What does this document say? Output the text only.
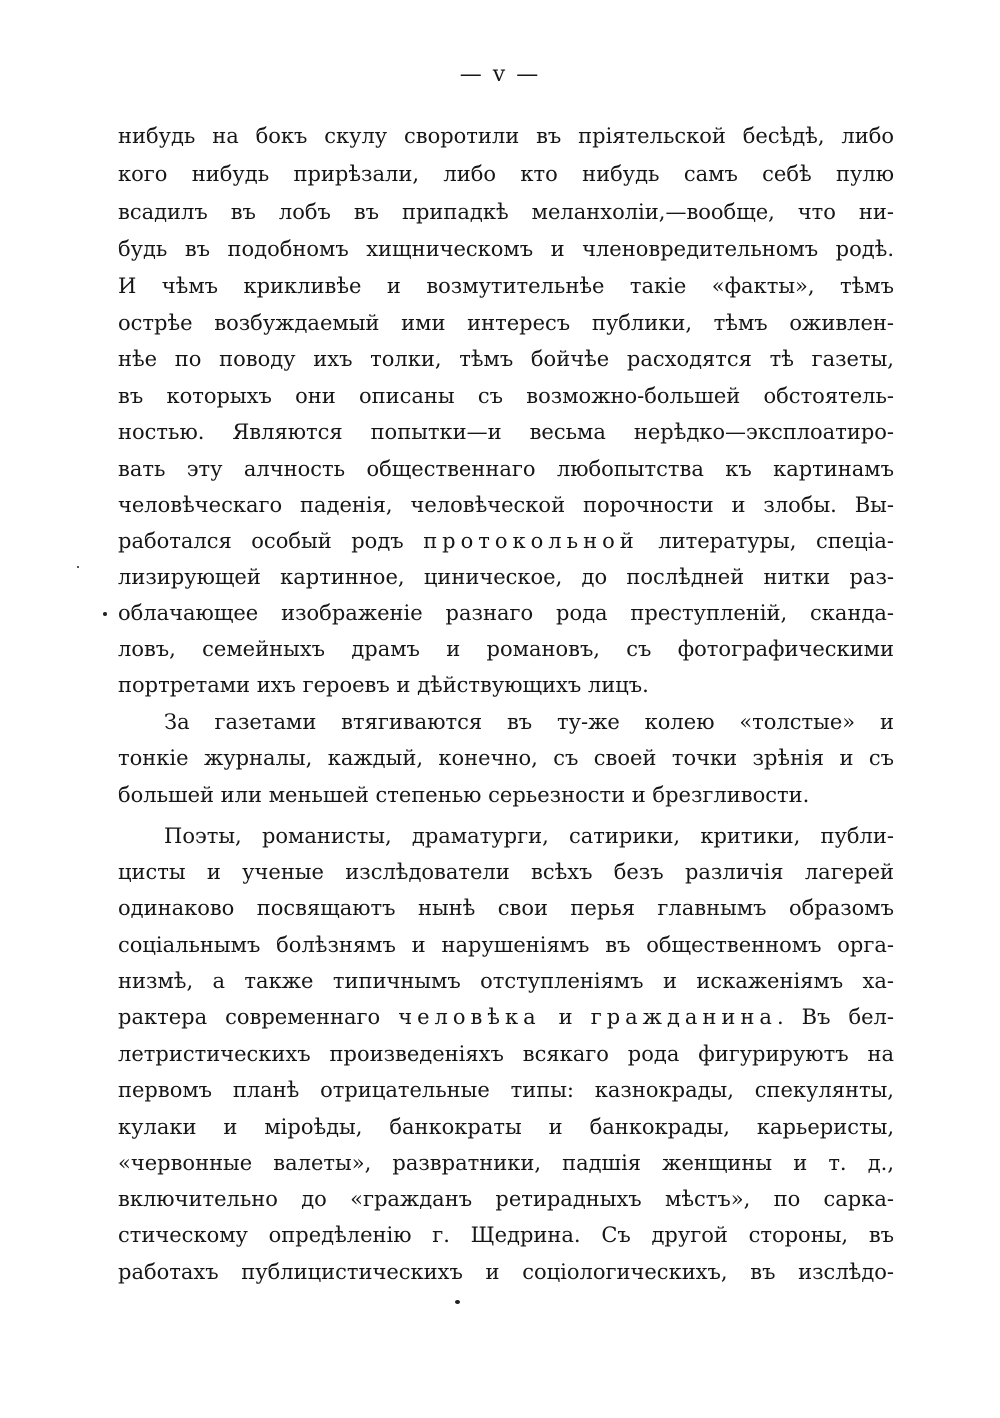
— v —
нибудь на бокъ скулу своротили въ пріятельской бесѣдѣ, либо
кого нибудь прирѣзали, либо кто нибудь самъ себѣ пулю
всадилъ въ лобъ въ припадкѣ меланхоліи,—вообще, что ни-
будь въ подобномъ хищническомъ и членовредительномъ родѣ.
И чѣмъ крикливѣе и возмутительнѣе такіе «факты», тѣмъ
острѣе возбуждаемый ими интересъ публики, тѣмъ оживлен-
нѣе по поводу ихъ толки, тѣмъ бойчѣе расходятся тѣ газеты,
въ которыхъ они описаны съ возможно-большей обстоятель-
ностью. Являются попытки—и весьма нерѣдко—эксплоатиро-
вать эту алчность общественнаго любопытства къ картинамъ
человѣческаго паденія, человѣческой порочности и злобы. Вы-
работался особый родъ протокольной литературы, спеціа-
лизирующей картинное, циническое, до послѣдней нитки раз-
облачающее изображеніе разнаго рода преступленій, скандa-
ловъ, семейныхъ драмъ и романовъ, съ фотографическими
портретами ихъ героевъ и дѣйствующихъ лицъ.
За газетами втягиваются въ ту-же колею «толстые» и
тонкіе журналы, каждый, конечно, съ своей точки зрѣнія и съ
большей или меньшей степенью серьезности и брезгливости.
Поэты, романисты, драматурги, сатирики, критики, публи-
цисты и ученые изслѣдователи всѣхъ безъ различія лагерей
одинаково посвящаютъ нынѣ свои перья главнымъ образомъ
соціальнымъ болѣзнямъ и нарушеніямъ въ общественномъ орга-
низмѣ, а также типичнымъ отступленіямъ и искаженіямъ ха-
рактера современнаго человѣка и гражданина. Въ бел-
летристическихъ произведеніяхъ всякаго рода фигурируютъ на
первомъ планѣ отрицательные типы: казнокрады, спекулянты,
кулаки и міроѣды, банкократы и банкокрады, карьеристы,
«червонные валеты», развратники, падшія женщины и т. д.,
включительно до «гражданъ ретирадныхъ мѣстъ», по сарка-
стическому опредѣленію г. Щедрина. Съ другой стороны, въ
работахъ публицистическихъ и соціологическихъ, въ изслѣдо-
